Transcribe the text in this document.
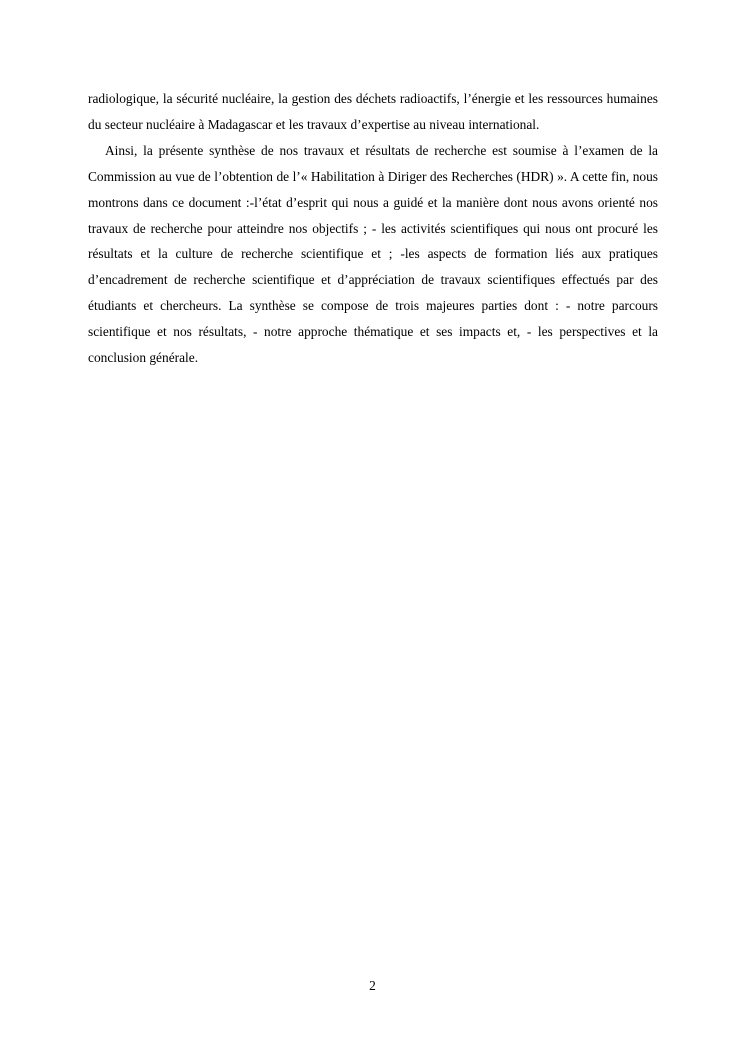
radiologique, la sécurité nucléaire, la gestion des déchets radioactifs, l’énergie et les ressources humaines du secteur nucléaire à Madagascar et les travaux d’expertise au niveau international.

Ainsi, la présente synthèse de nos travaux et résultats de recherche est soumise à l’examen de la Commission au vue de l’obtention de l’« Habilitation à Diriger des Recherches (HDR) ». A cette fin, nous montrons dans ce document :-l’état d’esprit qui nous a guidé et la manière dont nous avons orienté nos travaux de recherche pour atteindre nos objectifs ; - les activités scientifiques qui nous ont procuré les résultats et la culture de recherche scientifique et ; -les aspects de formation liés aux pratiques d’encadrement de recherche scientifique et d’appréciation de travaux scientifiques effectués par des étudiants et chercheurs. La synthèse se compose de trois majeures parties dont : - notre parcours scientifique et nos résultats, - notre approche thématique et ses impacts et, - les perspectives et la conclusion générale.

2
